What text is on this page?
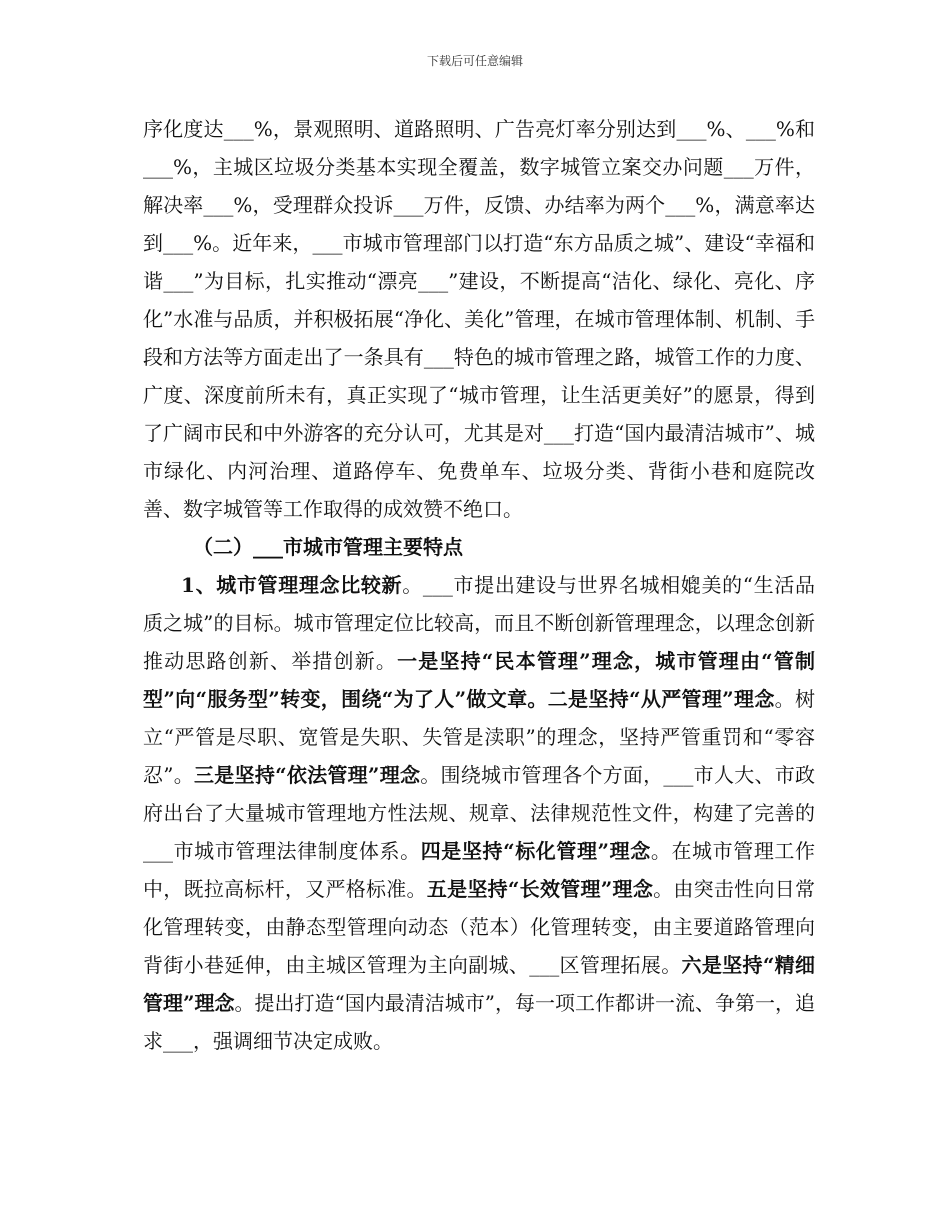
下载后可任意编辑

序化度达___%，景观照明、道路照明、广告亮灯率分别达到___%、___%和___%，主城区垃圾分类基本实现全覆盖，数字城管立案交办问题___万件，解决率___%，受理群众投诉___万件，反馈、办结率为两个___%，满意率达到___%。近年来，___市城市管理部门以打造“东方品质之城”、建设“幸福和谐___”为目标，扎实推动“漂亮___”建设，不断提高“洁化、绿化、亮化、序化”水准与品质，并积极拓展“净化、美化”管理，在城市管理体制、机制、手段和方法等方面走出了一条具有___特色的城市管理之路，城管工作的力度、广度、深度前所未有，真正实现了“城市管理，让生活更美好”的愿景，得到了广阔市民和中外游客的充分认可，尤其是对___打造“国内最清洁城市”、城市绿化、内河治理、道路停车、免费单车、垃圾分类、背街小巷和庭院改善、数字城管等工作取得的成效赞不绝口。

（二）___市城市管理主要特点

1、城市管理理念比较新。___市提出建设与世界名城相媲美的“生活品质之城”的目标。城市管理定位比较高，而且不断创新管理理念，以理念创新推动思路创新、举措创新。一是坚持“民本管理”理念，城市管理由“管制型”向“服务型”转变，围绕“为了人”做文章。二是坚持“从严管理”理念。树立“严管是尽职、宽管是失职、失管是渎职”的理念，坚持严管重罚和“零容忍”。三是坚持“依法管理”理念。围绕城市管理各个方面，___市人大、市政府出台了大量城市管理地方性法规、规章、法律规范性文件，构建了完善的___市城市管理法律制度体系。四是坚持“标化管理”理念。在城市管理工作中，既拉高标杆，又严格标准。五是坚持“长效管理”理念。由突击性向日常化管理转变，由静态型管理向动态（范本）化管理转变，由主要道路管理向背街小巷延伸，由主城区管理为主向副城、___区管理拓展。六是坚持“精细管理”理念。提出打造“国内最清洁城市”，每一项工作都讲一流、争第一，追求___，强调细节决定成败。
